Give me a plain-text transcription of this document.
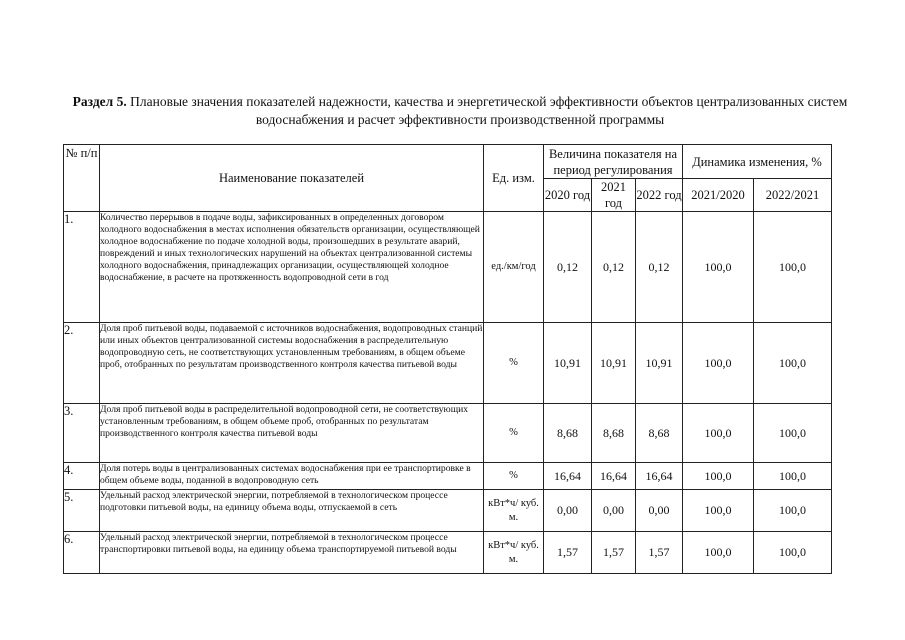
Раздел 5. Плановые значения показателей надежности, качества и энергетической эффективности объектов централизованных систем водоснабжения и расчет эффективности производственной программы
№ п/п	Наименование показателей	Ед. изм.	Величина показателя на период регулирования			Динамика изменения, %	
			2020 год	2021 год	2022 год	2021/2020	2022/2021
1.	Количество перерывов в подаче воды, зафиксированных в определенных договором холодного водоснабжения в местах исполнения обязательств организации, осуществляющей холодное водоснабжение по подаче холодной воды, произошедших в результате аварий, повреждений и иных технологических нарушений на объектах централизованной системы холодного водоснабжения, принадлежащих организации, осуществляющей холодное водоснабжение, в расчете на протяженность водопроводной сети в год	ед./км/год	0,12	0,12	0,12	100,0	100,0
2.	Доля проб питьевой воды, подаваемой с источников водоснабжения, водопроводных станций или иных объектов централизованной системы водоснабжения в распределительную водопроводную сеть, не соответствующих установленным требованиям, в общем объеме проб, отобранных по результатам производственного контроля качества питьевой воды	%	10,91	10,91	10,91	100,0	100,0
3.	Доля проб питьевой воды в распределительной водопроводной сети, не соответствующих установленным требованиям, в общем объеме проб, отобранных по результатам производственного контроля качества питьевой воды	%	8,68	8,68	8,68	100,0	100,0
4.	Доля потерь воды в централизованных системах водоснабжения при ее транспортировке в общем объеме воды, поданной в водопроводную сеть	%	16,64	16,64	16,64	100,0	100,0
5.	Удельный расход электрической энергии, потребляемой в технологическом процессе подготовки питьевой воды, на единицу объема воды, отпускаемой в сеть	кВт*ч/ куб. м.	0,00	0,00	0,00	100,0	100,0
6.	Удельный расход электрической энергии, потребляемой в технологическом процессе транспортировки питьевой воды, на единицу объема транспортируемой питьевой воды	кВт*ч/ куб. м.	1,57	1,57	1,57	100,0	100,0
